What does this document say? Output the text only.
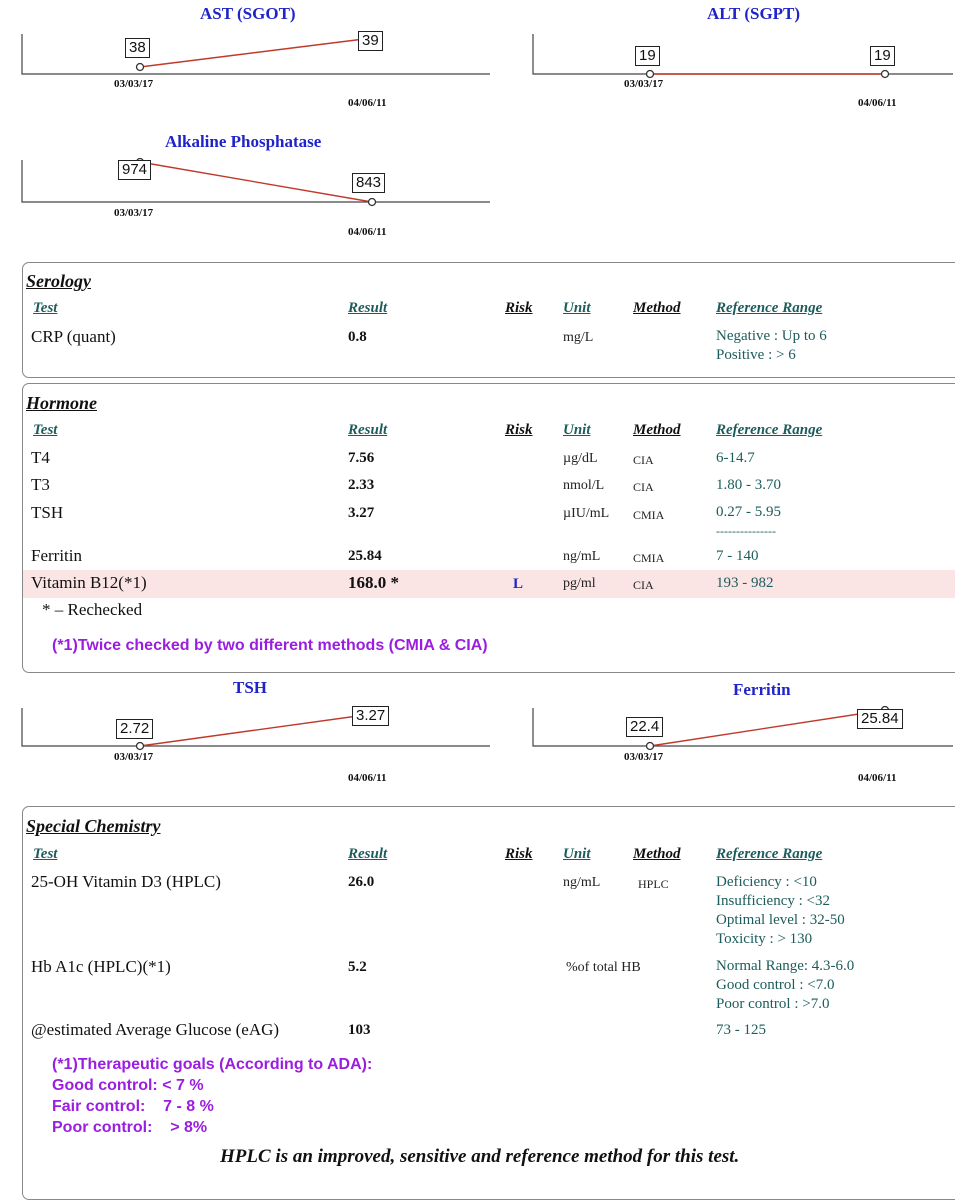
AST (SGOT)
38	39
03/03/17
04/06/11
ALT (SGPT)
19	19
03/03/17
04/06/11
Alkaline Phosphatase
974
843
03/03/17
04/06/11
Serology
Test	Result	Risk Unit	Method Reference Range
CRP (quant)	0.8	mg/L	Negative : Up to 6
Positive : > 6
Hormone
Test	Result	Risk Unit	Method Reference Range
T4	7.56	µg/dL	CIA	6-14.7
T3	2.33	nmol/L CIA	1.80 - 3.70
TSH	3.27	µIU/mL CMIA	0.27 - 5.95
---------------
Ferritin	25.84	ng/mL	CMIA	7 - 140
Vitamin B12(*1)	168.0 *	L	pg/ml	CIA	193 - 982
* – Rechecked
(*1)Twice checked by two different methods (CMIA & CIA)
TSH
2.72
3.27
03/03/17
04/06/11
Ferritin
22.4	25.84
03/03/17
04/06/11
Special Chemistry
Test	Result	Risk Unit	Method Reference Range
25-OH Vitamin D3 (HPLC)	26.0	ng/mL	HPLC	Deficiency : <10
Insufficiency : <32
Optimal level : 32-50
Toxicity : > 130
Hb A1c (HPLC)(*1)	5.2	%of total HB	Normal Range: 4.3-6.0
Good control : <7.0
Poor control : >7.0
@estimated Average Glucose (eAG)	103	73 - 125
(*1)Therapeutic goals (According to ADA):
Good control: < 7 %
Fair control:    7 - 8 %
Poor control:    > 8%
HPLC is an improved, sensitive and reference method for this test.
